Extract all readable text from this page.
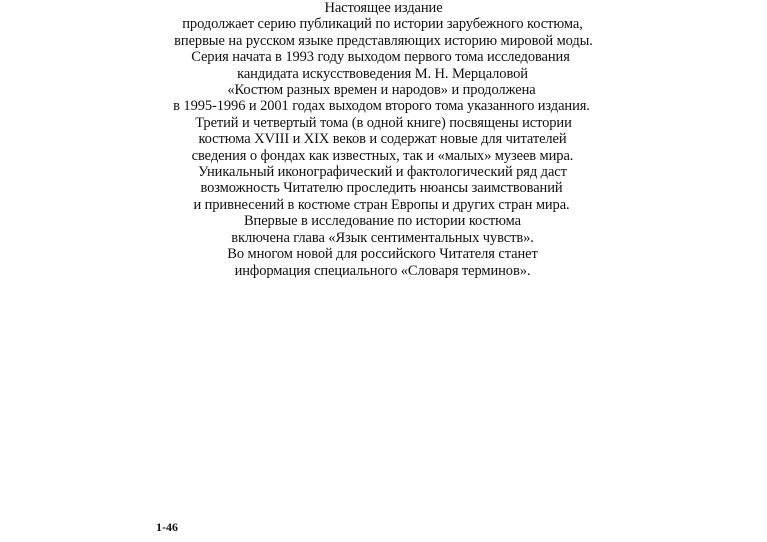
Настоящее издание
продолжает серию публикаций по истории зарубежного костюма,
впервые на русском языке представляющих историю мировой моды.
Серия начата в 1993 году выходом первого тома исследования
кандидата искусствоведения М. Н. Мерцаловой
«Костюм разных времен и народов» и продолжена
в 1995-1996 и 2001 годах выходом второго тома указанного издания.
Третий и четвертый тома (в одной книге) посвящены истории
костюма XVIII и XIX веков и содержат новые для читателей
сведения о фондах как известных, так и «малых» музеев мира.
Уникальный иконографический и фактологический ряд даст
возможность Читателю проследить нюансы заимствований
и привнесений в костюме стран Европы и других стран мира.
Впервые в исследование по истории костюма
включена глава «Язык сентиментальных чувств».
Во многом новой для российского Читателя станет
информация специального «Словаря терминов».
1-46
